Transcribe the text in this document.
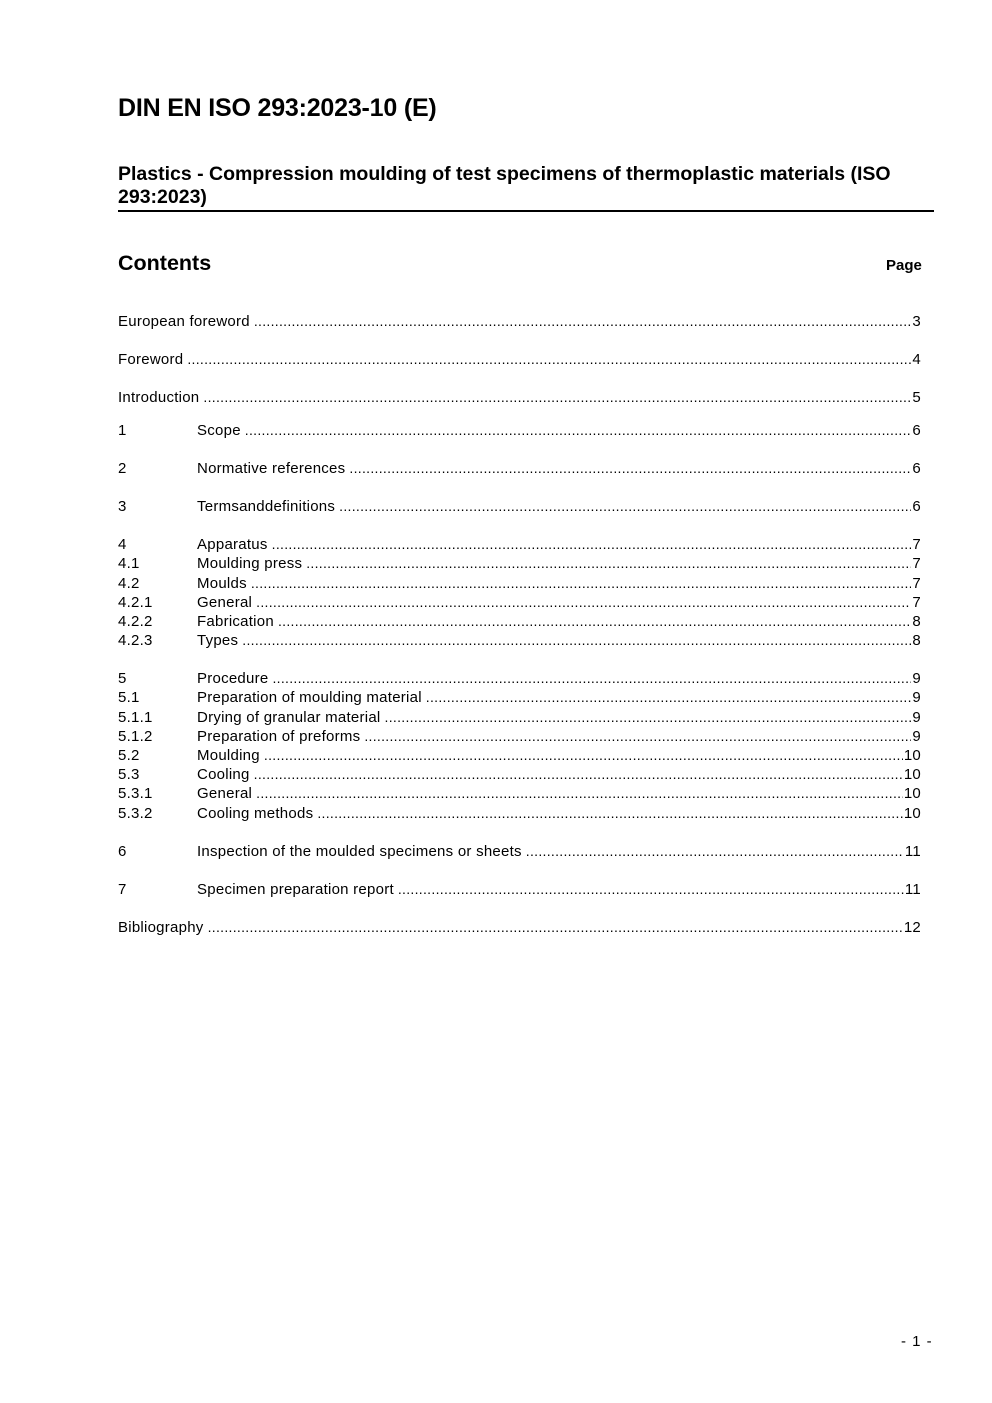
DIN EN ISO 293:2023-10 (E)
Plastics - Compression moulding of test specimens of thermoplastic materials (ISO 293:2023)
Contents	Page
European foreword .....	3
Foreword .....	4
Introduction .....	5
1	Scope .....	6
2	Normative references .....	6
3	Termsanddefinitions .....	6
4	Apparatus .....	7
4.1	Moulding press .....	7
4.2	Moulds .....	7
4.2.1	General .....	7
4.2.2	Fabrication .....	8
4.2.3	Types .....	8
5	Procedure .....	9
5.1	Preparation of moulding material .....	9
5.1.1	Drying of granular material .....	9
5.1.2	Preparation of preforms .....	9
5.2	Moulding .....	10
5.3	Cooling .....	10
5.3.1	General .....	10
5.3.2	Cooling methods .....	10
6	Inspection of the moulded specimens or sheets .....	11
7	Specimen preparation report .....	11
Bibliography .....	12
- 1 -
